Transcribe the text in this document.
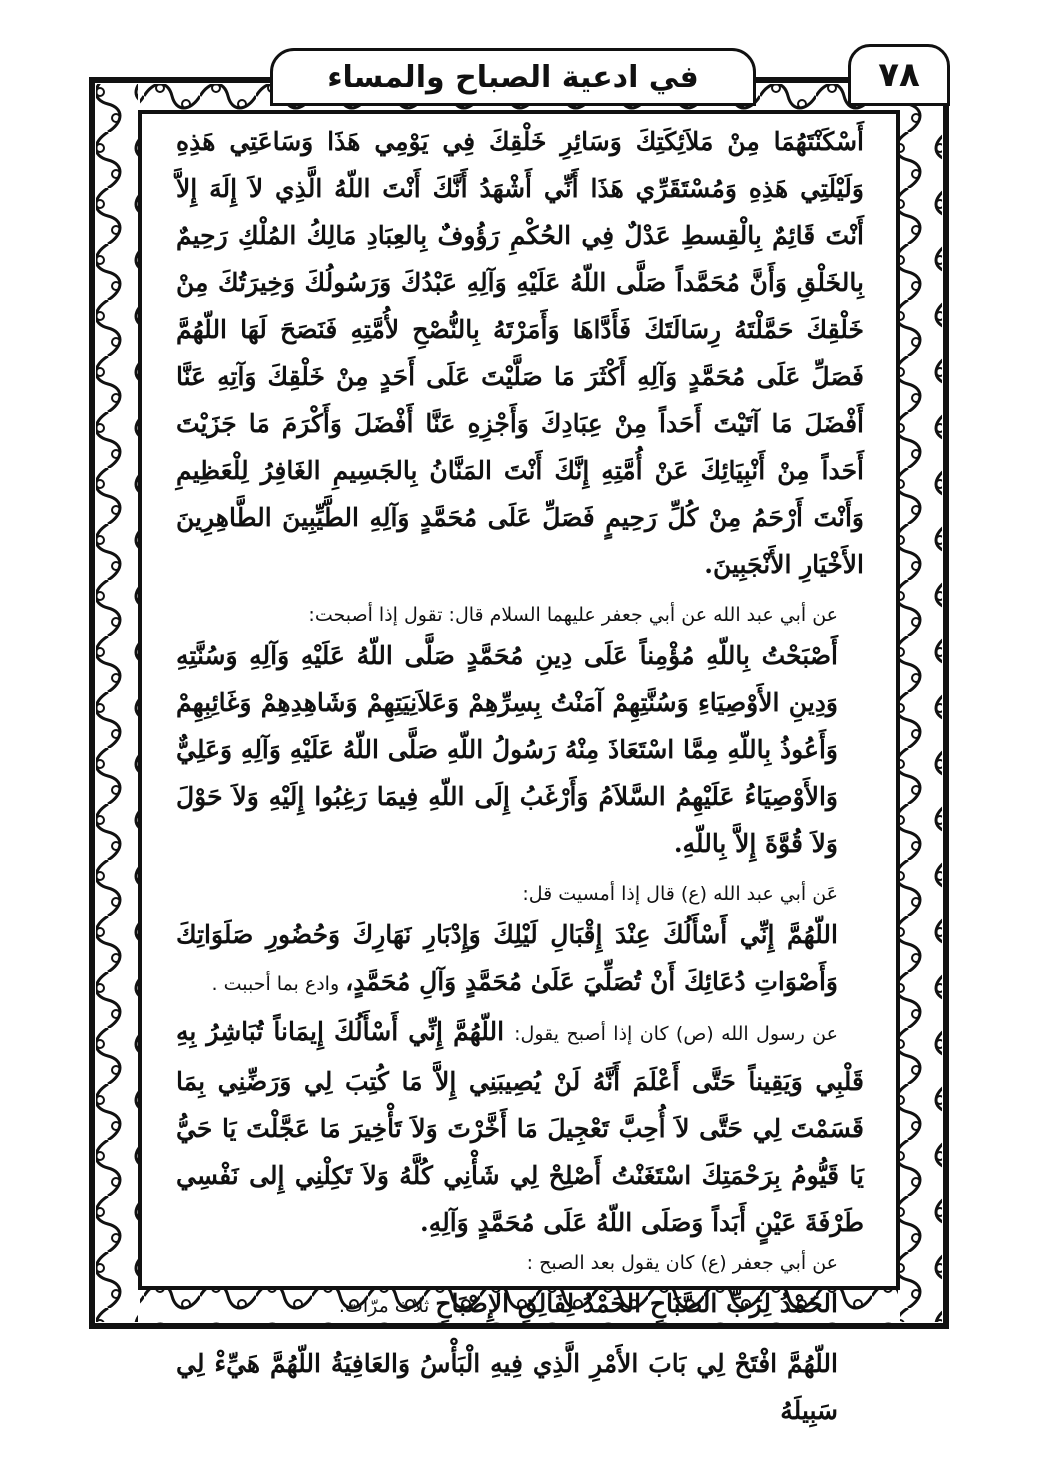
في ادعية الصباح والمساء	٧٨

أَسْكَنْتَهُمَا مِنْ مَلاَئِكَتِكَ وَسَائِرِ خَلْقِكَ فِي يَوْمِي هَذَا وَسَاعَتِي هَذِهِ وَلَيْلَتِي هَذِهِ وَمُسْتَقَرِّي هَذَا أَنِّي أَشْهَدُ أَنَّكَ أَنْتَ اللّهُ الَّذِي لاَ إِلَهَ إِلاَّ أَنْتَ قَائِمٌ بِالْقِسطِ عَدْلٌ فِي الحُكْمِ رَؤُوفٌ بِالعِبَادِ مَالِكُ المُلْكِ رَحِيمٌ بِالخَلْقِ وَأَنَّ مُحَمَّداً صَلَّى اللّهُ عَلَيْهِ وَآلِهِ عَبْدُكَ وَرَسُولُكَ وَخِيرَتُكَ مِنْ خَلْقِكَ حَمَّلْتَهُ رِسَالَتَكَ فَأَدَّاهَا وَأَمَرْتَهُ بِالنُّصْحِ لأُمَّتِهِ فَنَصَحَ لَهَا اللّهُمَّ فَصَلِّ عَلَى مُحَمَّدٍ وَآلِهِ أَكْثَرَ مَا صَلَّيْتَ عَلَى أَحَدٍ مِنْ خَلْقِكَ وَآتِهِ عَنَّا أَفْضَلَ مَا آتَيْتَ أَحَداً مِنْ عِبَادِكَ وَأَجْزِهِ عَنَّا أَفْضَلَ وَأَكْرَمَ مَا جَزَيْتَ أَحَداً مِنْ أَنْبِيَائِكَ عَنْ أُمَّتِهِ إِنَّكَ أَنْتَ المَنَّانُ بِالجَسِيمِ الغَافِرُ لِلْعَظِيمِ وَأَنْتَ أَرْحَمُ مِنْ كُلِّ رَحِيمٍ فَصَلِّ عَلَى مُحَمَّدٍ وَآلِهِ الطَّيِّبِينَ الطَّاهِرِينَ الأَخْيَارِ الأَنْجَبِينَ.

عن أبي عبد الله عن أبي جعفر عليهما السلام قال: تقول إذا أصبحت:

أَصْبَحْتُ بِاللّهِ مُؤْمِناً عَلَى دِينِ مُحَمَّدٍ صَلَّى اللّهُ عَلَيْهِ وَآلِهِ وَسُنَّتِهِ وَدِينِ الأَوْصِيَاءِ وَسُنَّتِهِمْ آمَنْتُ بِسِرِّهِمْ وَعَلاَنِيَتِهِمْ وَشَاهِدِهِمْ وَغَائِبِهِمْ وَأَعُوذُ بِاللّهِ مِمَّا اسْتَعَاذَ مِنْهُ رَسُولُ اللّهِ صَلَّى اللّهُ عَلَيْهِ وَآلِهِ وَعَلِيٌّ وَالأَوْصِيَاءُ عَلَيْهِمُ السَّلاَمُ وَأَرْغَبُ إِلَى اللّهِ فِيمَا رَغِبُوا إِلَيْهِ وَلاَ حَوْلَ وَلاَ قُوَّةَ إِلاَّ بِاللّهِ.

عَن أبي عبد الله (ع) قال إذا أمسيت قل:

اللّهُمَّ إِنِّي أَسْأَلُكَ عِنْدَ إِقْبَالِ لَيْلِكَ وَإِدْبَارِ نَهَارِكَ وَحُضُورِ صَلَوَاتِكَ وَأَصْوَاتِ دُعَائِكَ أَنْ تُصَلِّيَ عَلَىٰ مُحَمَّدٍ وَآلِ مُحَمَّدٍ، وادع بما أحببت .

عن رسول الله (ص) كان إذا أصبح يقول: اللّهُمَّ إِنِّي أَسْأَلُكَ إِيمَاناً تُبَاشِرُ بِهِ قَلْبِي وَيَقِيناً حَتَّى أَعْلَمَ أَنَّهُ لَنْ يُصِيبَنِي إِلاَّ مَا كُتِبَ لِي وَرَضِّنِي بِمَا قَسَمْتَ لِي حَتَّى لاَ أُحِبَّ تَعْجِيلَ مَا أَخَّرْتَ وَلاَ تَأْخِيرَ مَا عَجَّلْتَ يَا حَيُّ يَا قَيُّومُ بِرَحْمَتِكَ اسْتَغَنْتُ أَصْلِحْ لِي شَأْنِي كُلَّهُ وَلاَ تَكِلْنِي إِلى نَفْسِي طَرْفَةَ عَيْنٍ أَبَداً وَصَلَى اللّهُ عَلَى مُحَمَّدٍ وَآلِهِ.

عن أبي جعفر (ع) كان يقول بعد الصبح :

الحَمْدُ لِرَبِّ الصَّبَاحِ الحَمْدُ لِفَالِقِ الإِصْبَاحِ ثلاث مرّات.

اللّهُمَّ افْتَحْ لِي بَابَ الأَمْرِ الَّذِي فِيهِ الْبَأْسُ وَالعَافِيَةُ اللّهُمَّ هَيِّءْ لِي سَبِيلَهُ
